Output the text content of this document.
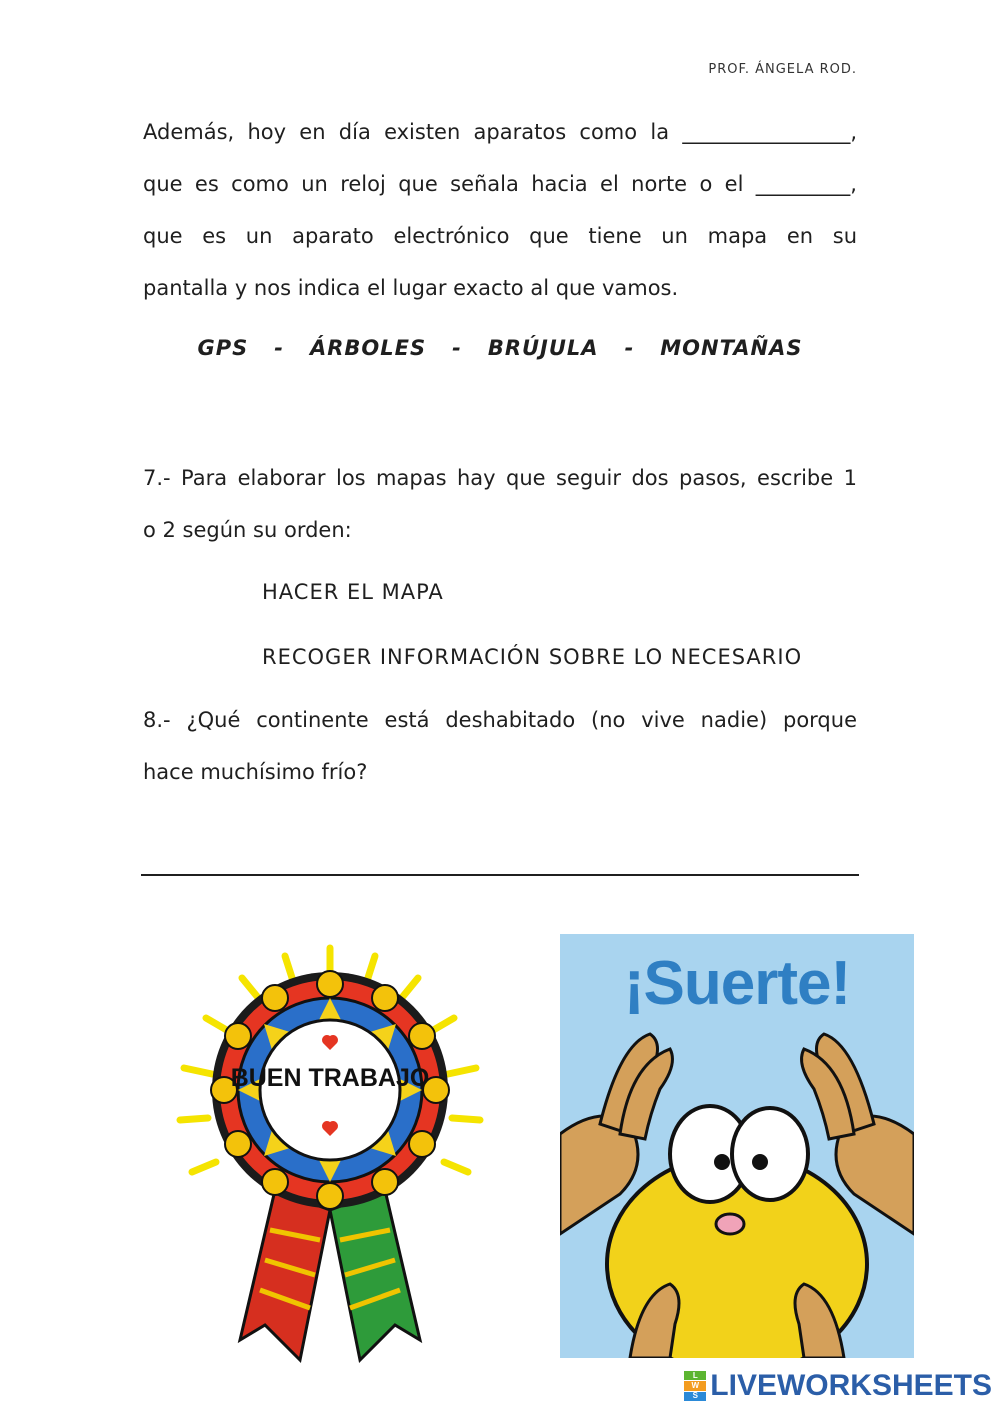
PROF. ÁNGELA ROD.
Además, hoy en día existen aparatos como la ________________,
que es como un reloj que señala hacia el norte o el _________,
que es un aparato electrónico que tiene un mapa en su
pantalla y nos indica el lugar exacto al que vamos.
GPS - ÁRBOLES - BRÚJULA - MONTAÑAS
7.- Para elaborar los mapas hay que seguir dos pasos, escribe 1
o 2 según su orden:
HACER EL MAPA
RECOGER INFORMACIÓN SOBRE LO NECESARIO
8.- ¿Qué continente está deshabitado (no vive nadie) porque
hace muchísimo frío?
BUEN TRABAJO
¡Suerte!
L
W
S LIVEWORKSHEETS
